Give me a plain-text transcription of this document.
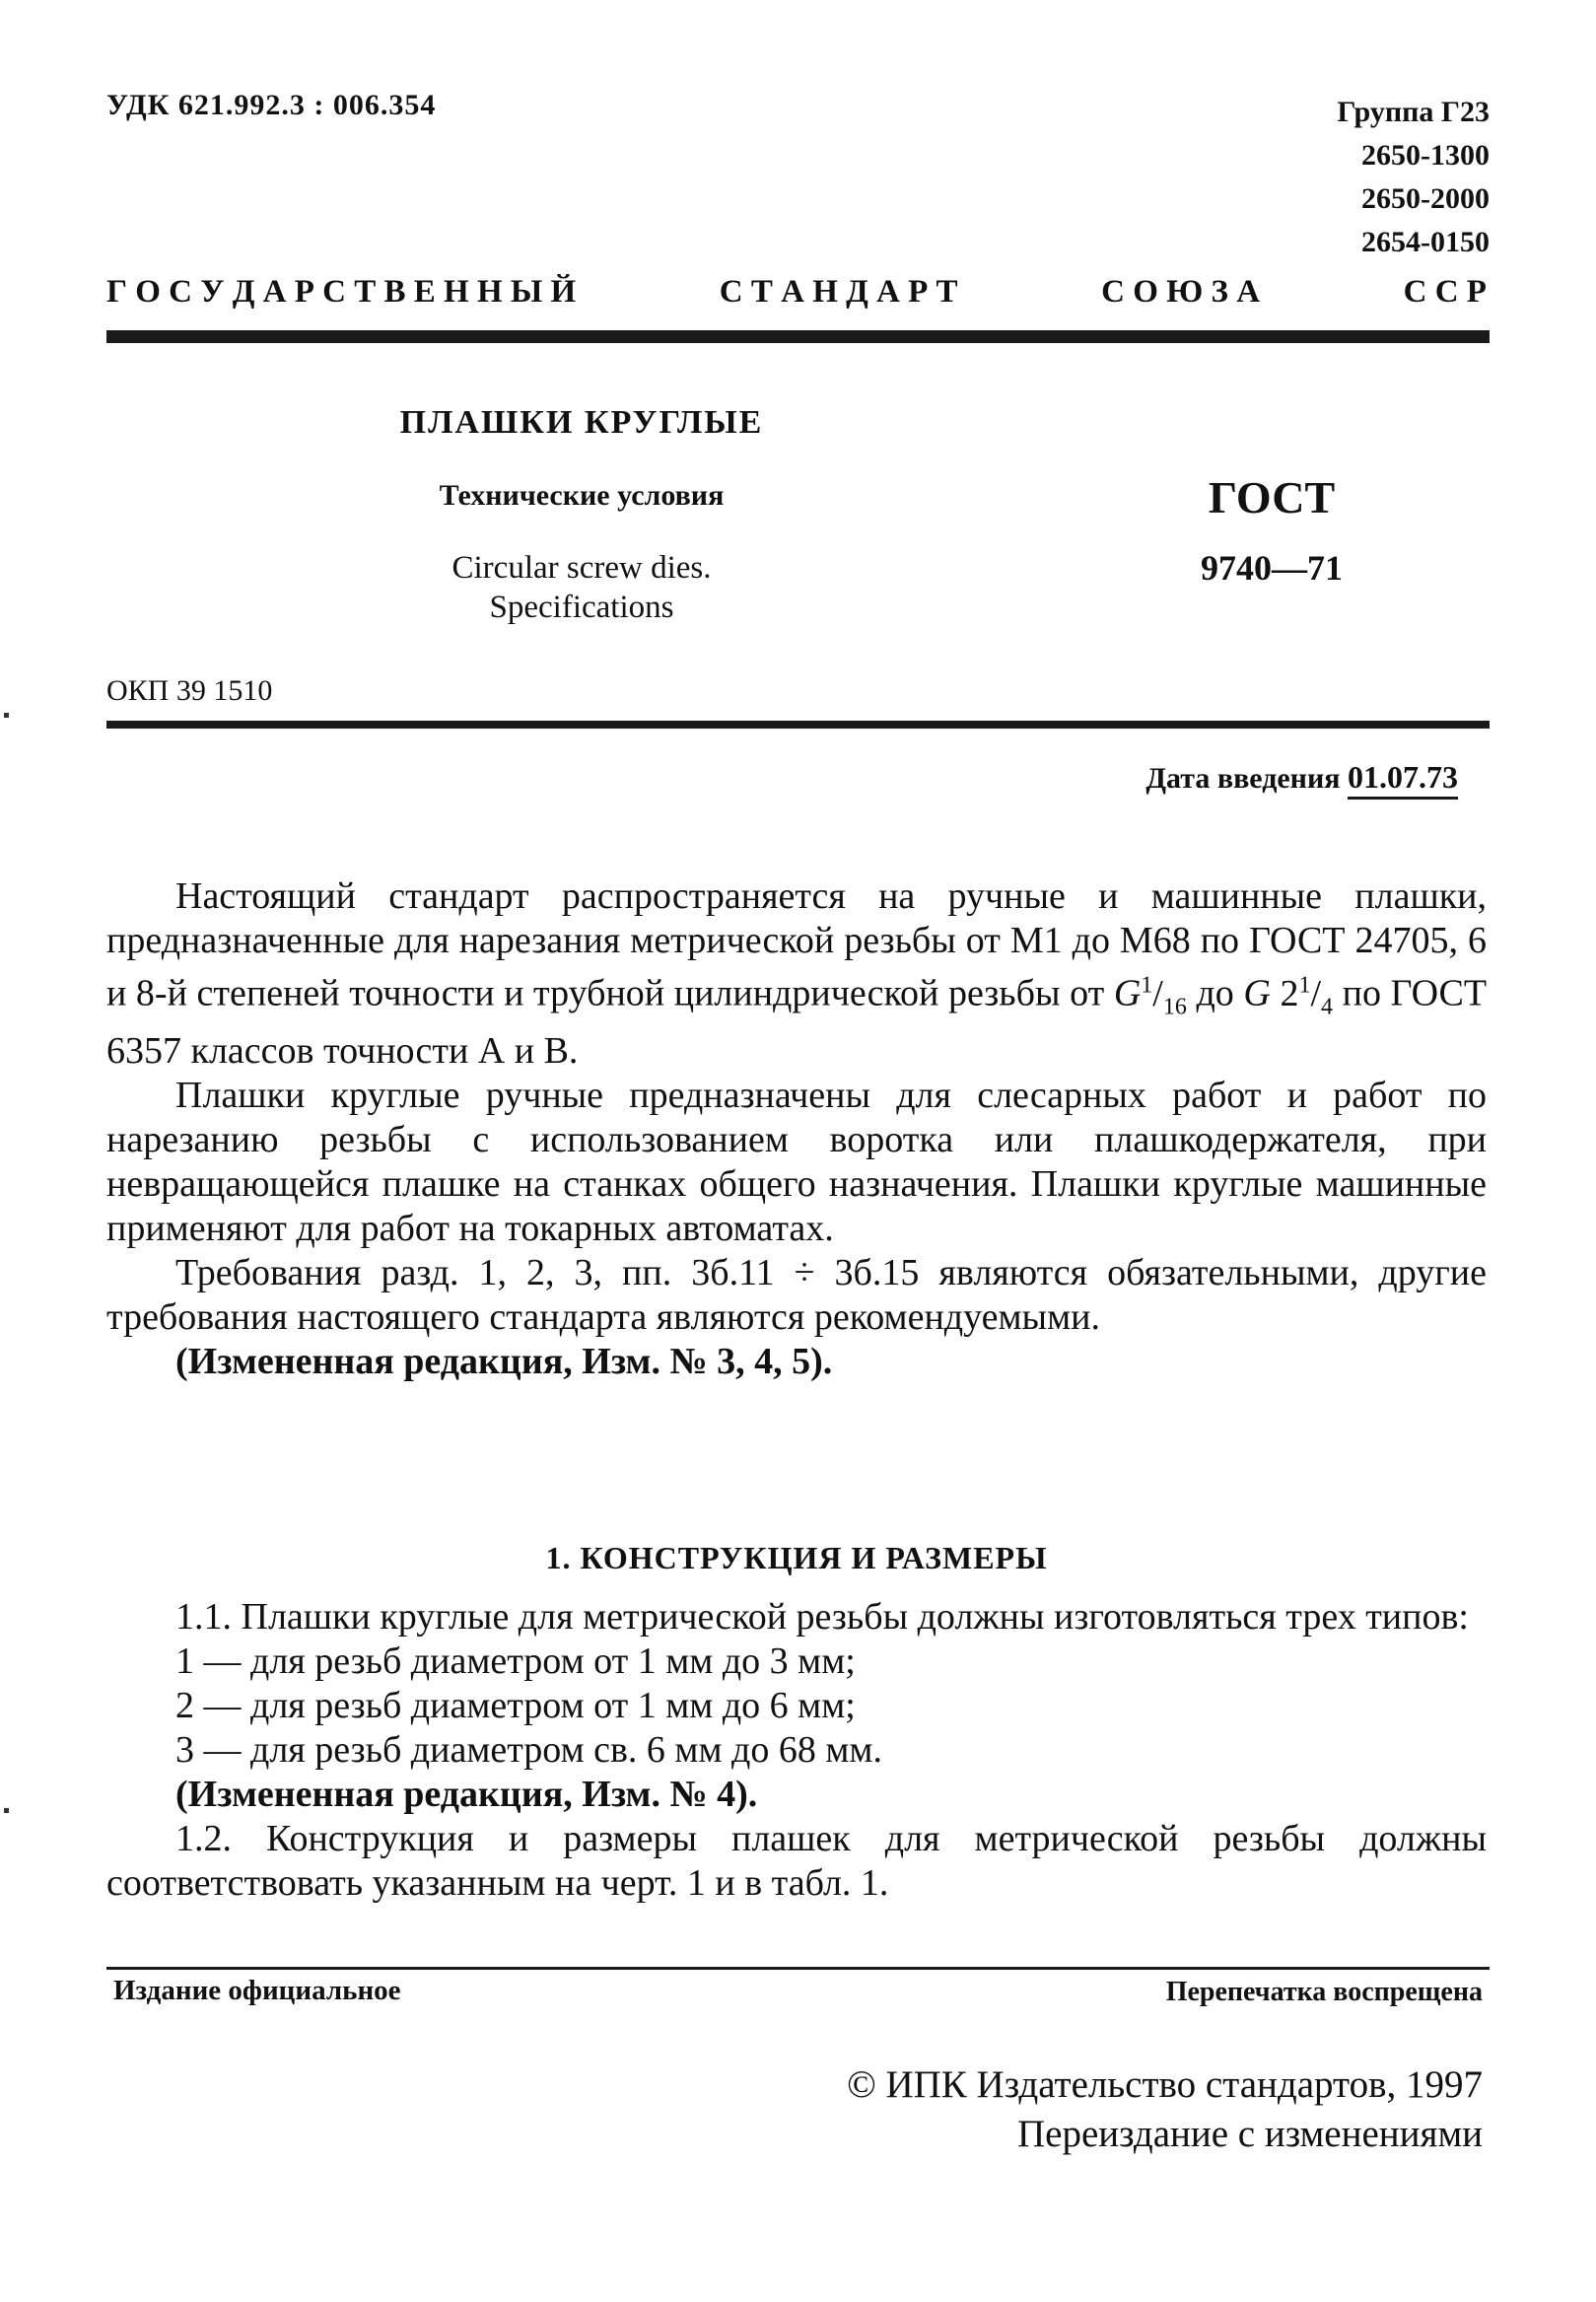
УДК 621.992.3 : 006.354	Группа Г23
2650-1300
2650-2000
2654-0150
Г О С У Д А Р С Т В Е Н Н Ы Й	С Т А Н Д А Р Т	С О Ю З А	С С Р
ПЛАШКИ КРУГЛЫЕ
Технические условия
Circular screw dies.
Specifications
ГОСТ
9740—71
ОКП 39 1510
Дата введения 01.07.73

Настоящий стандарт распространяется на ручные и машинные плашки, предназначенные для нарезания метрической резьбы от М1 до М68 по ГОСТ 24705, 6 и 8-й степеней точности и трубной цилиндрической резьбы от $G^1/_{16}$ до G $2^1/_4$ по ГОСТ 6357 классов точности А и В.

Плашки круглые ручные предназначены для слесарных работ и работ по нарезанию резьбы с использованием воротка или плашкодержателя, при невращающейся плашке на станках общего назначения. Плашки круглые машинные применяют для работ на токарных автоматах.

Требования разд. 1, 2, 3, пп. 3б.11 ÷ 3б.15 являются обязательными, другие требования настоящего стандарта являются рекомендуемыми.

(Измененная редакция, Изм. № 3, 4, 5).

1. КОНСТРУКЦИЯ И РАЗМЕРЫ

1.1. Плашки круглые для метрической резьбы должны изготовляться трех типов:

1 — для резьб диаметром от 1 мм до 3 мм;

2 — для резьб диаметром от 1 мм до 6 мм;

3 — для резьб диаметром св. 6 мм до 68 мм.

(Измененная редакция, Изм. № 4).

1.2. Конструкция и размеры плашек для метрической резьбы должны соответствовать указанным на черт. 1 и в табл. 1.

Издание официальное	Перепечатка воспрещена
© ИПК Издательство стандартов, 1997
Переиздание с изменениями
